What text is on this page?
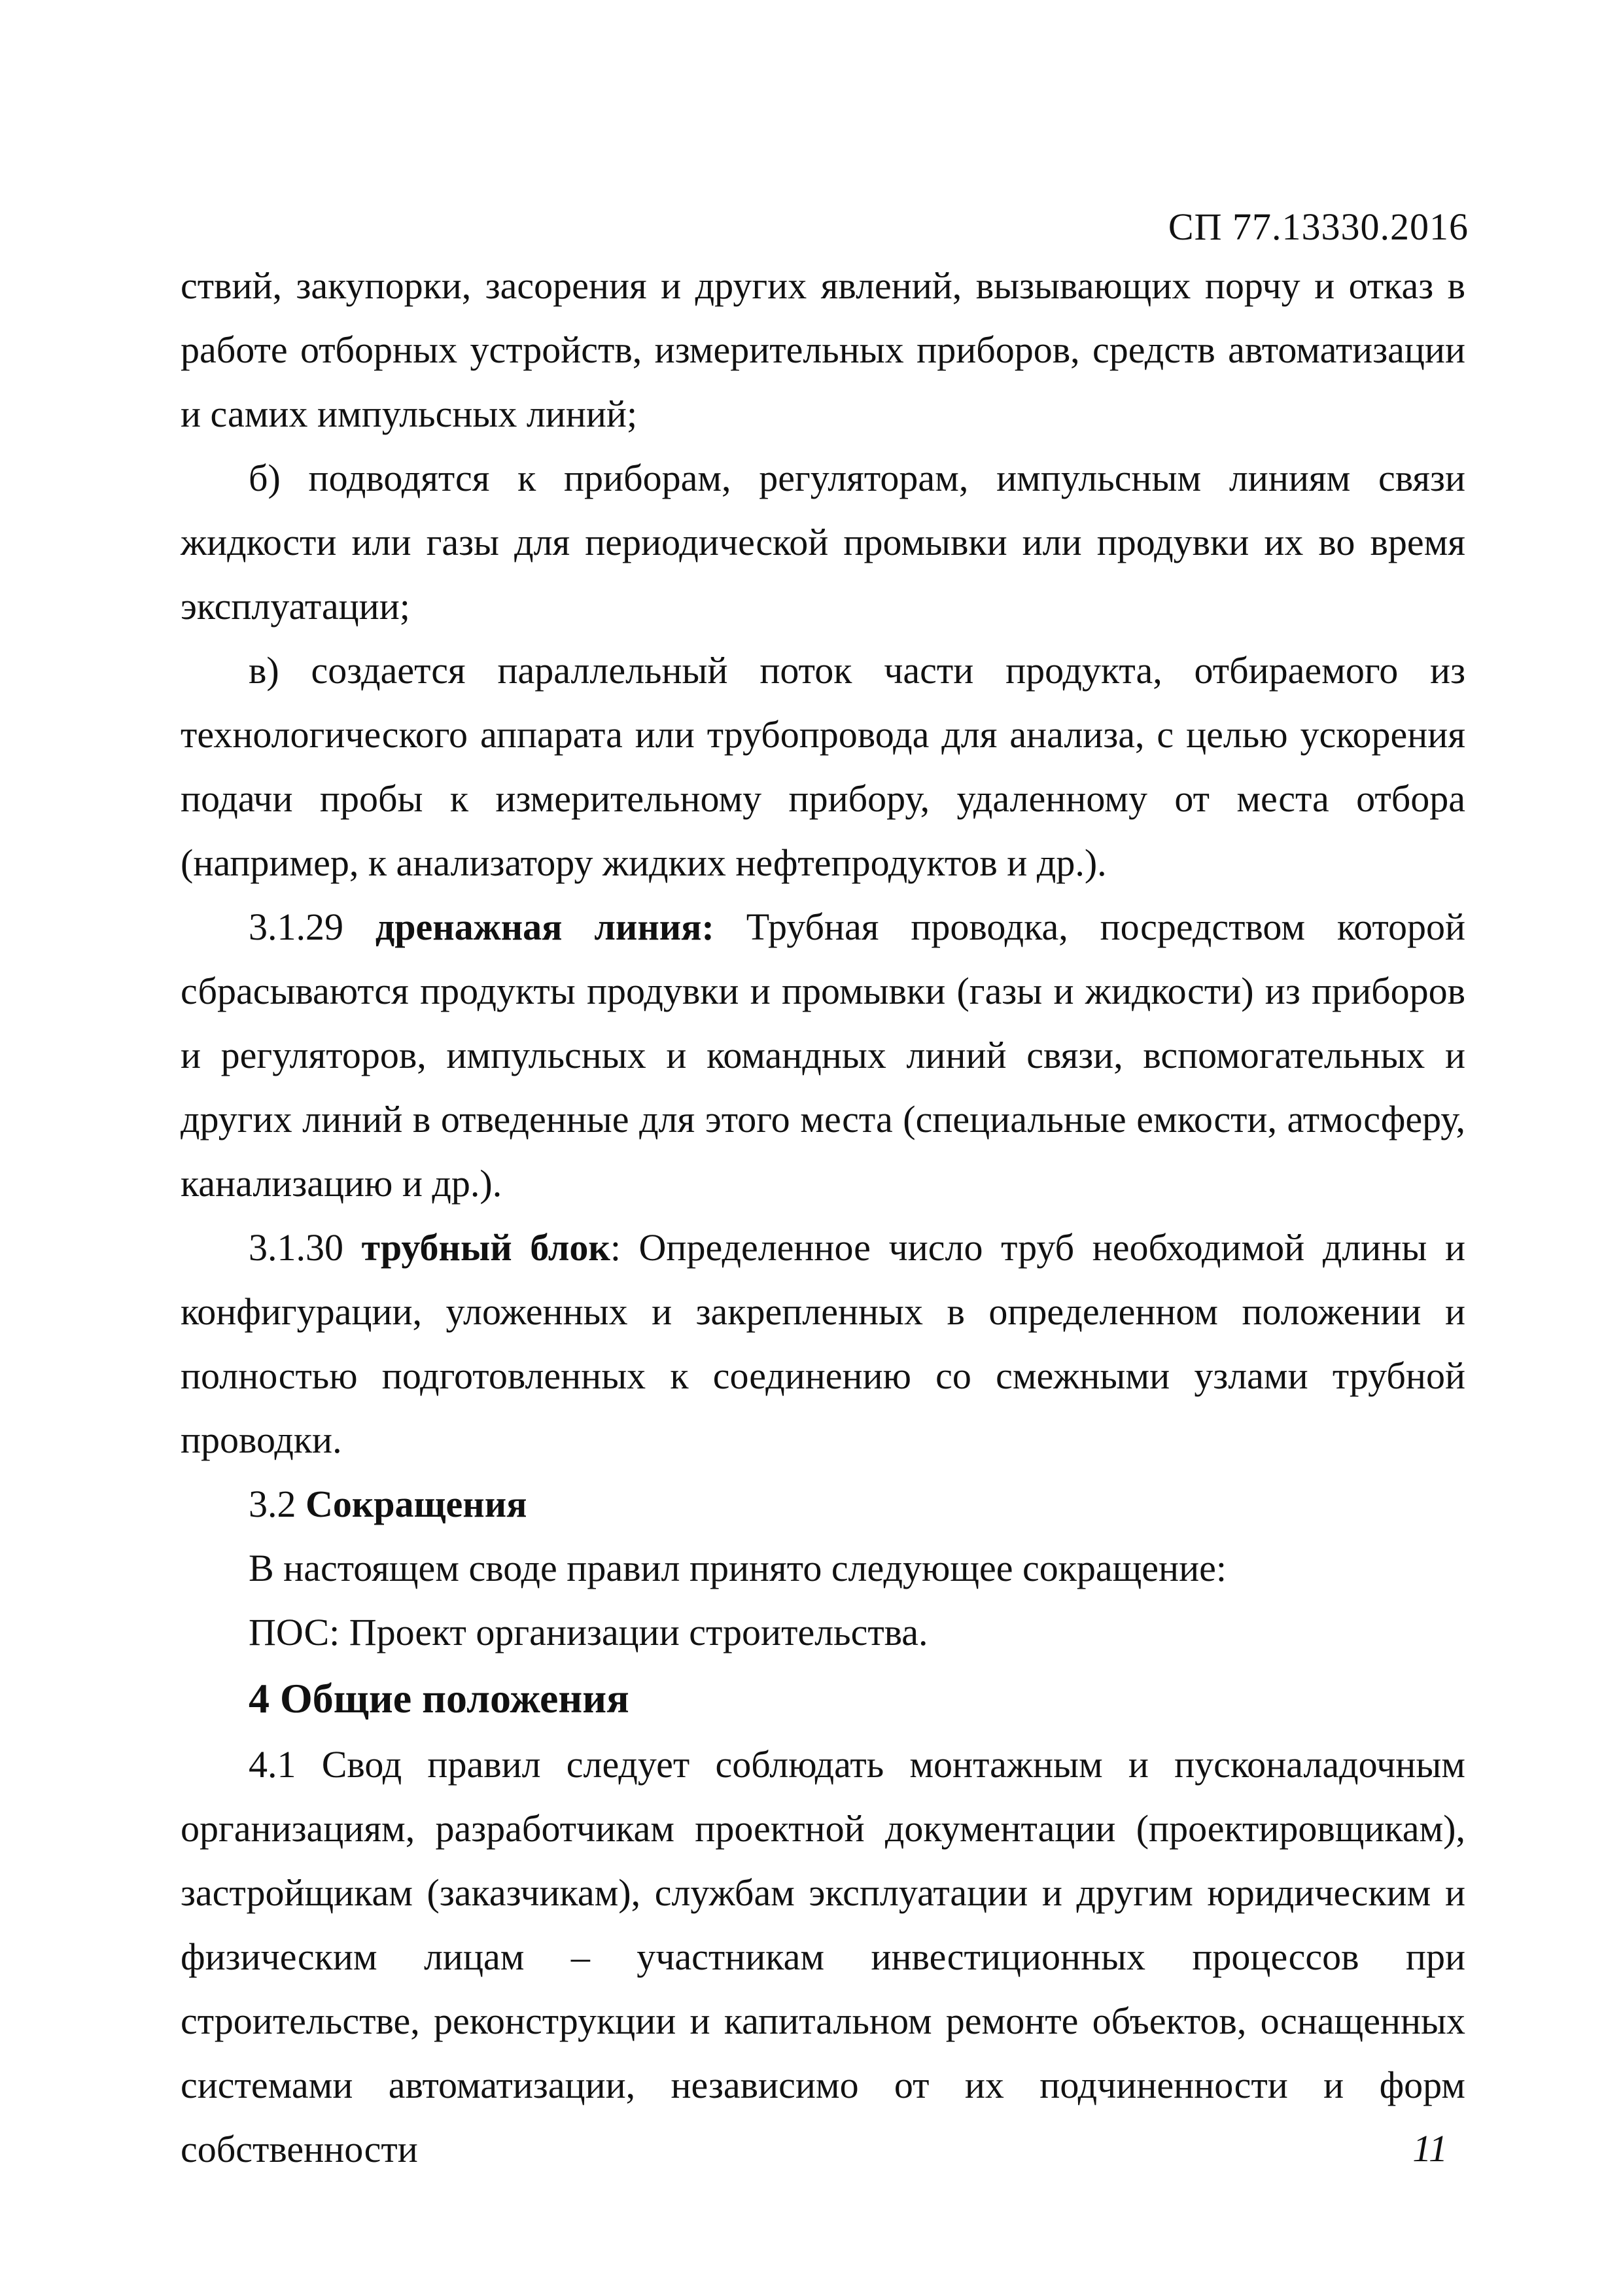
СП 77.13330.2016

ствий, закупорки, засорения и других явлений, вызывающих порчу и отказ в работе отборных устройств, измерительных приборов, средств автоматизации и самих импульсных линий;

б) подводятся к приборам, регуляторам, импульсным линиям связи жидкости или газы для периодической промывки или продувки их во время эксплуатации;

в) создается параллельный поток части продукта, отбираемого из технологического аппарата или трубопровода для анализа, с целью ускорения подачи пробы к измерительному прибору, удаленному от места отбора (например, к анализатору жидких нефтепродуктов и др.).

3.1.29 дренажная линия: Трубная проводка, посредством которой сбрасываются продукты продувки и промывки (газы и жидкости) из приборов и регуляторов, импульсных и командных линий связи, вспомогательных и других линий в отведенные для этого места (специальные емкости, атмосферу, канализацию и др.).

3.1.30 трубный блок: Определенное число труб необходимой длины и конфигурации, уложенных и закрепленных в определенном положении и полностью подготовленных к соединению со смежными узлами трубной проводки.

3.2 Сокращения

В настоящем своде правил принято следующее сокращение:

ПОС: Проект организации строительства.

4 Общие положения

4.1 Свод правил следует соблюдать монтажным и пусконаладочным организациям, разработчикам проектной документации (проектировщикам), застройщикам (заказчикам), службам эксплуатации и другим юридическим и физическим лицам – участникам инвестиционных процессов при строительстве, реконструкции и капитальном ремонте объектов, оснащенных системами автоматизации, независимо от их подчиненности и форм собственности	11
